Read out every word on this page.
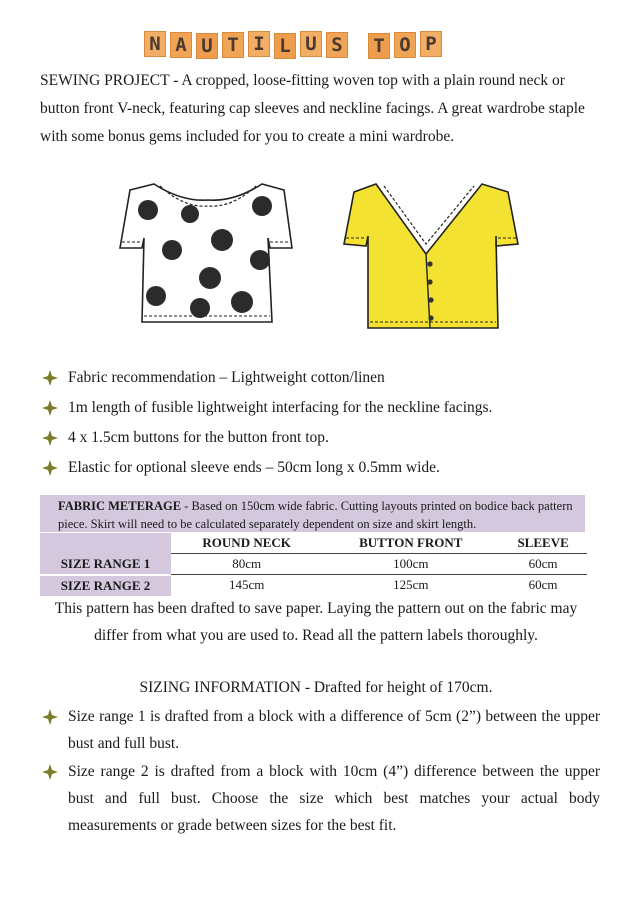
N A U T I L U S T O P
SEWING PROJECT - A cropped, loose-fitting woven top with a plain round neck or button front V-neck, featuring cap sleeves and neckline facings. A great wardrobe staple with some bonus gems included for you to create a mini wardrobe.
Fabric recommendation – Lightweight cotton/linen
1m length of fusible lightweight interfacing for the neckline facings.
4 x 1.5cm buttons for the button front top.
Elastic for optional sleeve ends – 50cm long x 0.5mm wide.
FABRIC METERAGE - Based on 150cm wide fabric. Cutting layouts printed on bodice back pattern piece. Skirt will need to be calculated separately dependent on size and skirt length.
	ROUND NECK	BUTTON FRONT	SLEEVE
SIZE RANGE 1	80cm	100cm	60cm
SIZE RANGE 2	145cm	125cm	60cm
This pattern has been drafted to save paper. Laying the pattern out on the fabric may differ from what you are used to. Read all the pattern labels thoroughly.
SIZING INFORMATION - Drafted for height of 170cm.
Size range 1 is drafted from a block with a difference of 5cm (2”) between the upper bust and full bust.
Size range 2 is drafted from a block with 10cm (4”) difference between the upper bust and full bust. Choose the size which best matches your actual body measurements or grade between sizes for the best fit.
